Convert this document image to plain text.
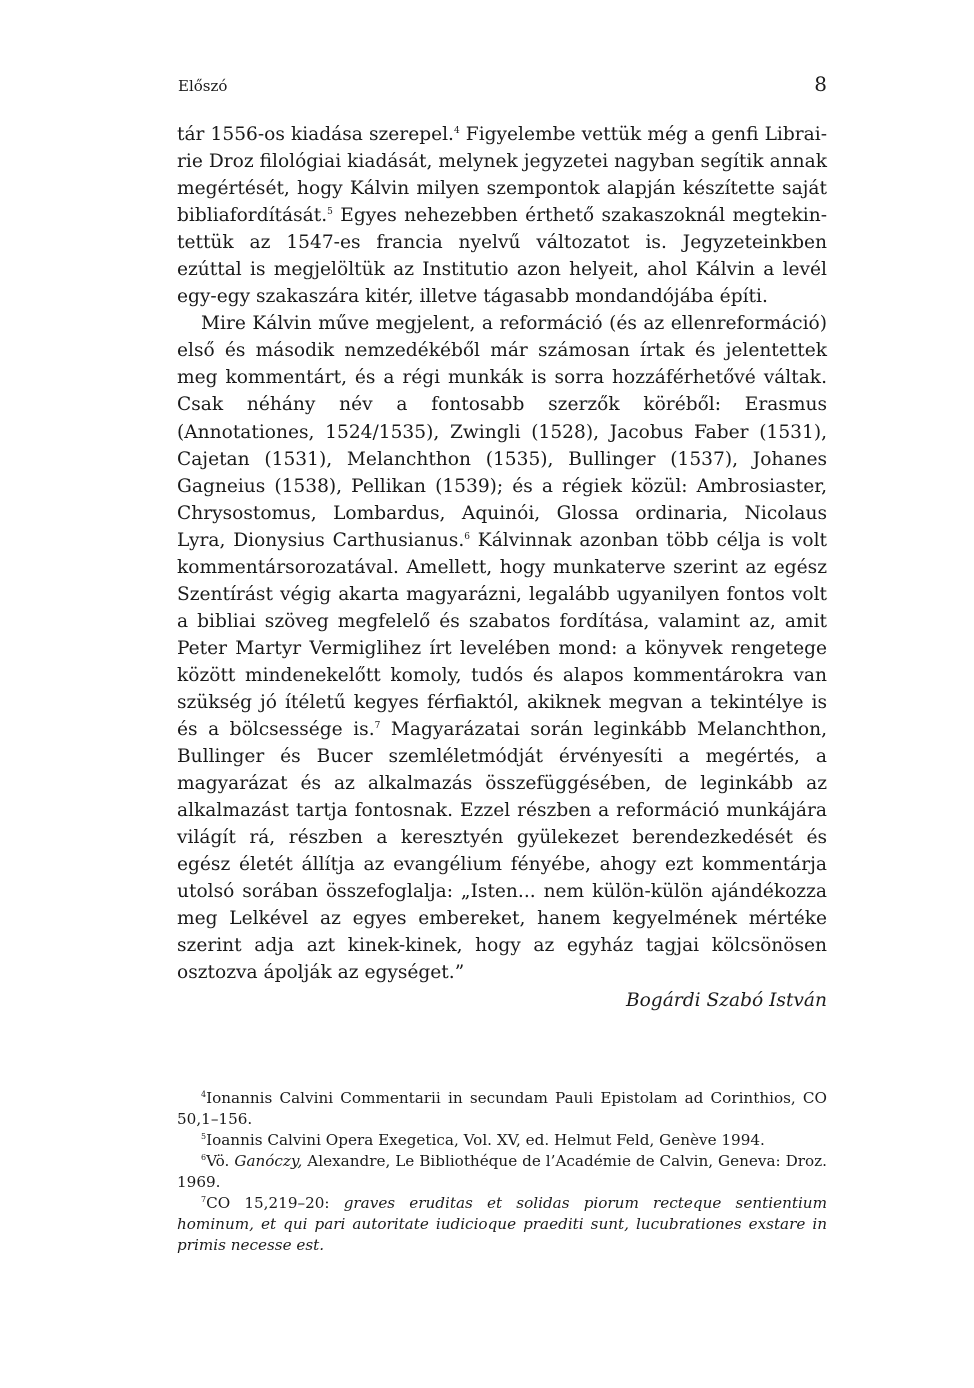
Előszó	8

tár 1556-os kiadása szerepel.$^4$ Figyelembe vettük még a genfi Librairie Droz filológiai kiadását, melynek jegyzetei nagyban segítik annak megértését, hogy Kálvin milyen szempontok alapján készítette saját bibliafordítását.$^5$ Egyes nehezebben érthető szakaszoknál megtekintettük az 1547-es francia nyelvű változatot is. Jegyzeteinkben ezúttal is megjelöltük az Institutio azon helyeit, ahol Kálvin a levél egy-egy szakaszára kitér, illetve tágasabb mondandójába építi.

Mire Kálvin műve megjelent, a reformáció (és az ellenreformáció) első és második nemzedékéből már számosan írtak és jelentettek meg kommentárt, és a régi munkák is sorra hozzáférhetővé váltak. Csak néhány név a fontosabb szerzők köréből: Erasmus (Annotationes, 1524/1535), Zwingli (1528), Jacobus Faber (1531), Cajetan (1531), Melanchthon (1535), Bullinger (1537), Johanes Gagneius (1538), Pellikan (1539); és a régiek közül: Ambrosiaster, Chrysostomus, Lombardus, Aquinói, Glossa ordinaria, Nicolaus Lyra, Dionysius Carthusianus.$^6$ Kálvinnak azonban több célja is volt kommentársorozatával. Amellett, hogy munkaterve szerint az egész Szentírást végig akarta magyarázni, legalább ugyanilyen fontos volt a bibliai szöveg megfelelő és szabatos fordítása, valamint az, amit Peter Martyr Vermiglihez írt levelében mond: a könyvek rengetege között mindenekelőtt komoly, tudós és alapos kommentárokra van szükség jó ítéletű kegyes férfiaktól, akiknek megvan a tekintélye is és a bölcsessége is.$^7$ Magyarázatai során leginkább Melanchthon, Bullinger és Bucer szemléletmódját érvényesíti a megértés, a magyarázat és az alkalmazás összefüggésében, de leginkább az alkalmazást tartja fontosnak. Ezzel részben a reformáció munkájára világít rá, részben a keresztyén gyülekezet berendezkedését és egész életét állítja az evangélium fényébe, ahogy ezt kommentárja utolsó sorában összefoglalja: „Isten... nem külön-külön ajándékozza meg Lelkével az egyes embereket, hanem kegyelmének mértéke szerint adja azt kinek-kinek, hogy az egyház tagjai kölcsönösen osztozva ápolják az egységet.”

Bogárdi Szabó István

$^4$Ionannis Calvini Commentarii in secundam Pauli Epistolam ad Corinthios, CO 50,1–156.

$^5$Ioannis Calvini Opera Exegetica, Vol. XV, ed. Helmut Feld, Genève 1994.

$^6$Vö. Ganóczy, Alexandre, Le Bibliothéque de l’Académie de Calvin, Geneva: Droz. 1969.

$^7$CO 15,219–20: graves eruditas et solidas piorum recteque sentientium hominum, et qui pari autoritate iudicioque praediti sunt, lucubrationes exstare in primis necesse est.
